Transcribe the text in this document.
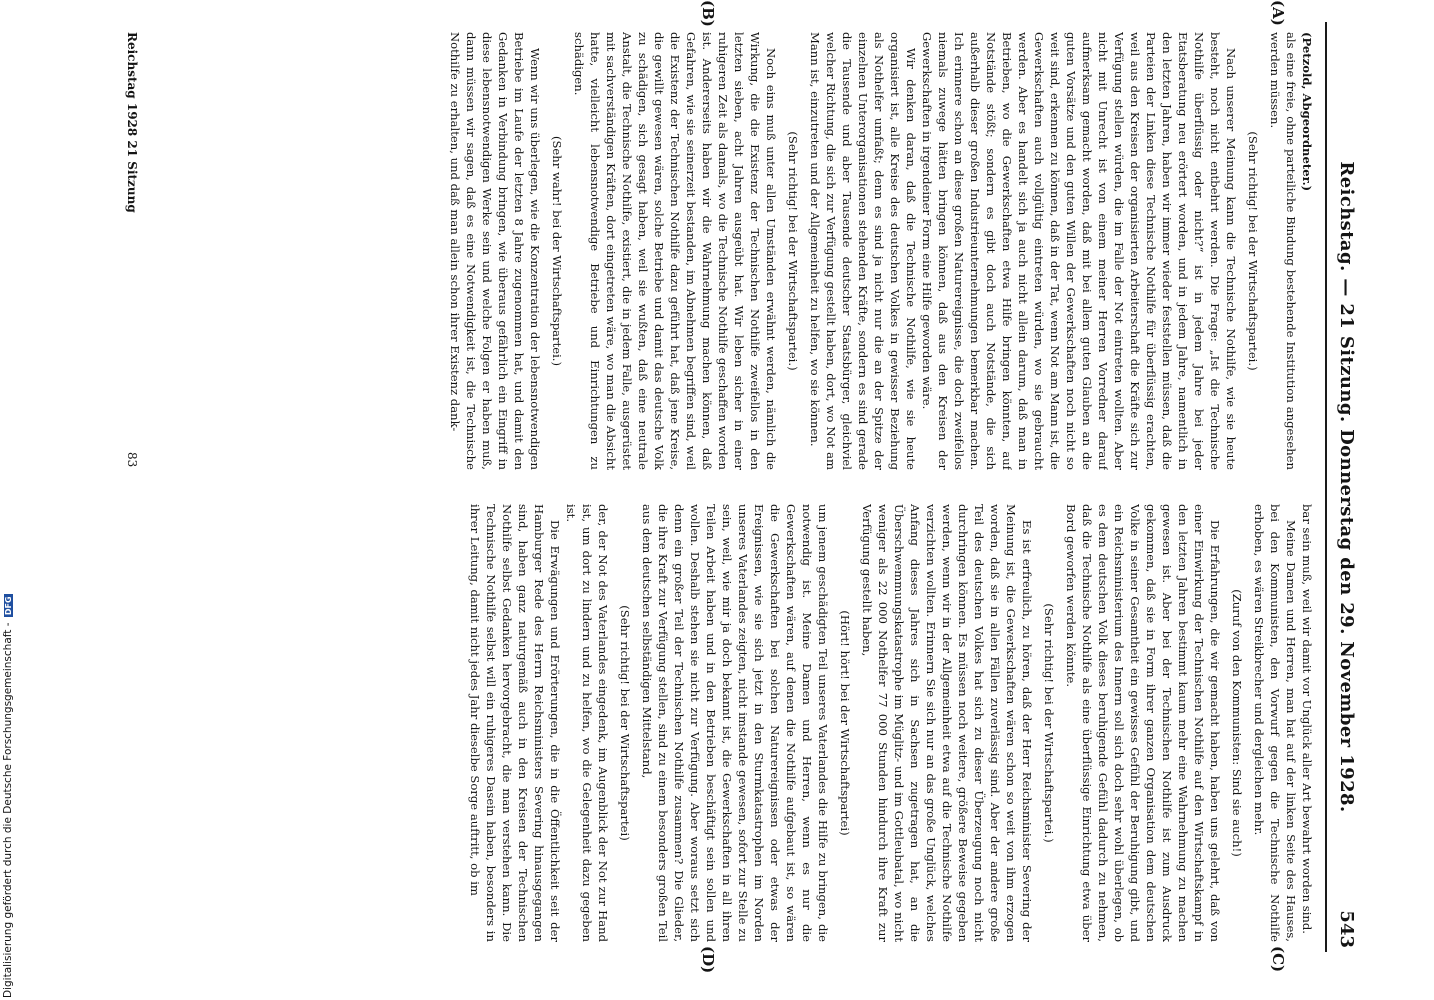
Reichstag. — 21 Sitzung. Donnerstag den 29. November 1928.
543
(A)
(B)
(C)
(D)

(Petzold, Abgeordneter.)

als eine freie, ohne parteiliche Bindung bestehende Institution angesehen werden müssen.

(Sehr richtig! bei der Wirtschaftspartei.)

Nach unserer Meinung kann die Technische Nothilfe, wie sie heute besteht, noch nicht entbehrt werden. Die Frage: „Ist die Technische Nothilfe überflüssig oder nicht?“ ist in jedem Jahre bei jeder Etatsberatung neu erörtert worden, und in jedem Jahre, namentlich in den letzten Jahren, haben wir immer wieder feststellen müssen, daß die Parteien der Linken diese Technische Nothilfe für überflüssig erachten, weil aus den Kreisen der organisierten Arbeiterschaft die Kräfte sich zur Verfügung stellen würden, die im Falle der Not eintreten wollten. Aber nicht mit Unrecht ist von einem meiner Herren Vorredner darauf aufmerksam gemacht worden, daß mit bei allem guten Glauben an die guten Vorsätze und den guten Willen der Gewerkschaften noch nicht so weit sind, erkennen zu können, daß in der Tat, wenn Not am Mann ist, die Gewerkschaften auch vollgültig eintreten würden, wo sie gebraucht werden. Aber es handelt sich ja auch nicht allein darum, daß man in Betrieben, wo die Gewerkschaften etwa Hilfe bringen könnten, auf Notstände stößt; sondern es gibt doch auch Notstände, die sich außerhalb dieser großen Industrieunternehmungen bemerkbar machen. Ich erinnere schon an diese großen Naturereignisse, die doch zweifellos niemals zuwege hätten bringen können, daß aus den Kreisen der Gewerkschaften in irgendeiner Form eine Hilfe geworden wäre.

Wir denken daran, daß die Technische Nothilfe, wie sie heute organisiert ist, alle Kreise des deutschen Volkes in gewisser Beziehung als Nothelfer umfaßt; denn es sind ja nicht nur die an der Spitze der einzelnen Unterorganisationen stehenden Kräfte, sondern es sind gerade die Tausende und aber Tausende deutscher Staatsbürger, gleichviel welcher Richtung, die sich zur Verfügung gestellt haben, dort, wo Not am Mann ist, einzutreten und der Allgemeinheit zu helfen, wo sie können.

(Sehr richtig! bei der Wirtschaftspartei.)

Noch eins muß unter allen Umständen erwähnt werden, nämlich die Wirkung, die die Existenz der Technischen Nothilfe zweifellos in den letzten sieben, acht Jahren ausgeübt hat. Wir leben sicher in einer ruhigeren Zeit als damals, wo die Technische Nothilfe geschaffen worden ist. Andererseits haben wir die Wahrnehmung machen können, daß Gefahren, wie sie seinerzeit bestanden, im Abnehmen begriffen sind, weil die Existenz der Technischen Nothilfe dazu geführt hat, daß jene Kreise, die gewillt gewesen wären, solche Betriebe und damit das deutsche Volk zu schädigen, sich gesagt haben, weil sie wußten, daß eine neutrale Anstalt, die Technische Nothilfe, existiert, die in jedem Falle, ausgerüstet mit sachverständigen Kräften, dort eingetreten wäre, wo man die Absicht hatte, vielleicht lebensnotwendige Betriebe und Einrichtungen zu schädigen.

(Sehr wahr! bei der Wirtschaftspartei.)

Wenn wir uns überlegen, wie die Konzentration der lebensnotwendigen Betriebe im Laufe der letzten 8 Jahre zugenommen hat, und damit den Gedanken in Verbindung bringen, wie überaus gefährlich ein Eingriff in diese lebensnotwendigen Werke sein und welche Folgen er haben muß, dann müssen wir sagen, daß es eine Notwendigkeit ist, die Technische Nothilfe zu erhalten, und daß man allein schon ihrer Existenz dank-

bar sein muß, weil wir damit vor Unglück aller Art bewahrt worden sind.

Meine Damen und Herren, man hat auf der linken Seite des Hauses, bei den Kommunisten, den Vorwurf gegen die Technische Nothilfe erhoben, es wären Streikbrecher und dergleichen mehr.

(Zuruf von den Kommunisten: Sind sie auch!)

Die Erfahrungen, die wir gemacht haben, haben uns gelehrt, daß von einer Einwirkung der Technischen Nothilfe auf den Wirtschaftskampf in den letzten Jahren bestimmt kaum mehr eine Wahrnehmung zu machen gewesen ist. Aber bei der Technischen Nothilfe ist zum Ausdruck gekommen, daß sie in Form ihrer ganzen Organisation dem deutschen Volke in seiner Gesamtheit ein gewisses Gefühl der Beruhigung gibt, und ein Reichsministerium des Innern soll sich doch sehr wohl überlegen, ob es dem deutschen Volk dieses beruhigende Gefühl dadurch zu nehmen, daß die Technische Nothilfe als eine überflüssige Einrichtung etwa über Bord geworfen werden könnte.

(Sehr richtig! bei der Wirtschaftspartei.)

Es ist erfreulich, zu hören, daß der Herr Reichsminister Severing der Meinung ist, die Gewerkschaften wären schon so weit von ihm erzogen worden, daß sie in allen Fällen zuverlässig sind. Aber der andere große Teil des deutschen Volkes hat sich zu dieser Überzeugung noch nicht durchringen können. Es müssen noch weitere, größere Beweise gegeben werden, wenn wir in der Allgemeinheit etwa auf die Technische Nothilfe verzichten wollten. Erinnern Sie sich nur an das große Unglück, welches Anfang dieses Jahres sich in Sachsen zugetragen hat, an die Überschwemmungskatastrophe im Müglitz- und im Gottleubatal, wo nicht weniger als 22 000 Nothelfer 77 000 Stunden hindurch ihre Kraft zur Verfügung gestellt haben,

(Hört! hört! bei der Wirtschaftspartei)

um jenem geschädigten Teil unseres Vaterlandes die Hilfe zu bringen, die notwendig ist. Meine Damen und Herren, wenn es nur die Gewerkschaften wären, auf denen die Nothilfe aufgebaut ist, so wären die Gewerkschaften bei solchen Naturereignissen oder etwas der Ereignissen, wie sie sich jetzt in den Sturmkatastrophen im Norden unseres Vaterlandes zeigten, nicht imstande gewesen, sofort zur Stelle zu sein, weil, wie mir ja doch bekannt ist, die Gewerkschaften in all ihren Teilen Arbeit haben und in den Betrieben beschäftigt sein sollen und wollen. Deshalb stehen sie nicht zur Verfügung. Aber woraus setzt sich denn ein großer Teil der Technischen Nothilfe zusammen? Die Glieder, die ihre Kraft zur Verfügung stellen, sind zu einem besonders großen Teil aus dem deutschen selbständigen Mittelstand,

(Sehr richtig! bei der Wirtschaftspartei)

der, der Not des Vaterlandes eingedenk, im Augenblick der Not zur Hand ist, um dort zu lindern und zu helfen, wo die Gelegenheit dazu gegeben ist.

Die Erwägungen und Erörterungen, die in die Öffentlichkeit seit der Hamburger Rede des Herrn Reichsministers Severing hinausgegangen sind, haben ganz naturgemäß auch in den Kreisen der Technischen Nothilfe selbst Gedanken hervorgebracht, die man verstehen kann. Die Technische Nothilfe selbst will ein ruhigeres Dasein haben, besonders in ihrer Leitung, damit nicht jedes Jahr dieselbe Sorge auftritt, ob im

Reichstag 1928 21 Sitzung
83
Digitalisierung gefördert durch die Deutsche Forschungsgemeinschaft - DFG
